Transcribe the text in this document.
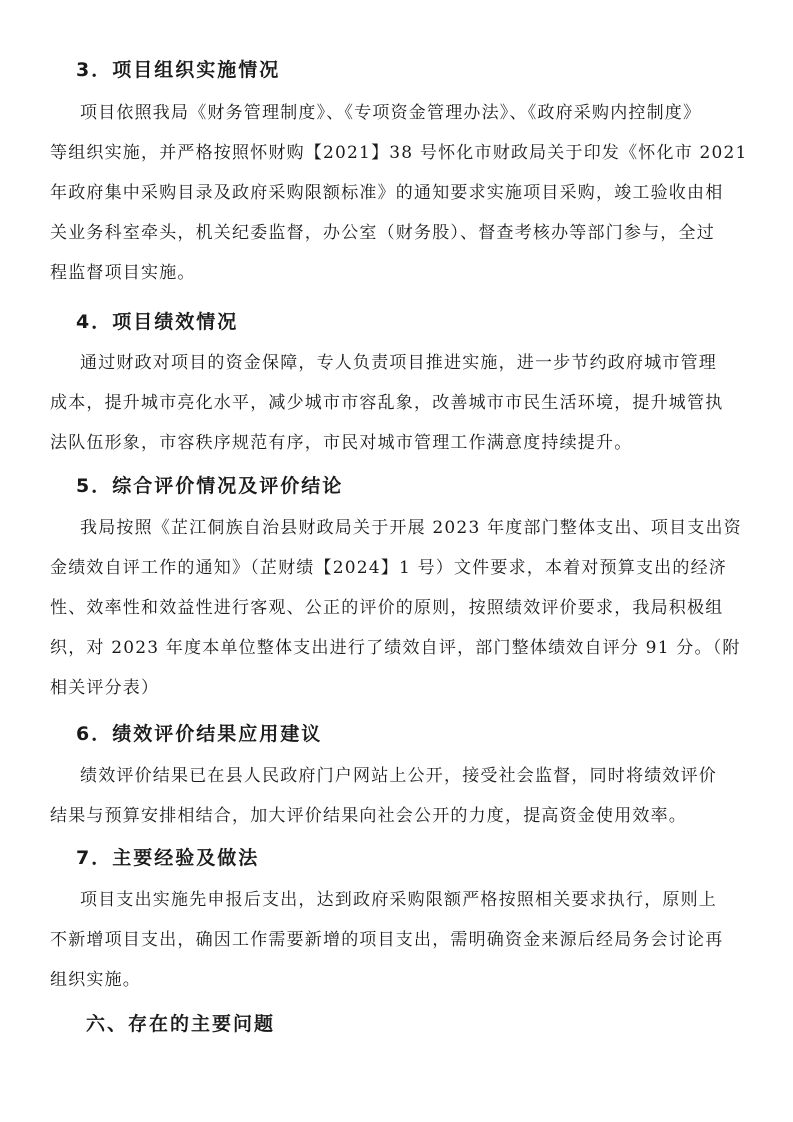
3．项目组织实施情况
项目依照我局《财务管理制度》、《专项资金管理办法》、《政府采购内控制度》
等组织实施，并严格按照怀财购【2021】38 号怀化市财政局关于印发《怀化市 2021
年政府集中采购目录及政府采购限额标准》的通知要求实施项目采购，竣工验收由相
关业务科室牵头，机关纪委监督，办公室（财务股）、督查考核办等部门参与，全过
程监督项目实施。
4．项目绩效情况
通过财政对项目的资金保障，专人负责项目推进实施，进一步节约政府城市管理
成本，提升城市亮化水平，减少城市市容乱象，改善城市市民生活环境，提升城管执
法队伍形象，市容秩序规范有序，市民对城市管理工作满意度持续提升。
5．综合评价情况及评价结论
我局按照《芷江侗族自治县财政局关于开展 2023 年度部门整体支出、项目支出资
金绩效自评工作的通知》（芷财绩【2024】1 号）文件要求，本着对预算支出的经济
性、效率性和效益性进行客观、公正的评价的原则，按照绩效评价要求，我局积极组
织，对 2023 年度本单位整体支出进行了绩效自评，部门整体绩效自评分 91 分。（附
相关评分表）
6．绩效评价结果应用建议
绩效评价结果已在县人民政府门户网站上公开，接受社会监督，同时将绩效评价
结果与预算安排相结合，加大评价结果向社会公开的力度，提高资金使用效率。
7．主要经验及做法
项目支出实施先申报后支出，达到政府采购限额严格按照相关要求执行，原则上
不新增项目支出，确因工作需要新增的项目支出，需明确资金来源后经局务会讨论再
组织实施。
六、存在的主要问题
